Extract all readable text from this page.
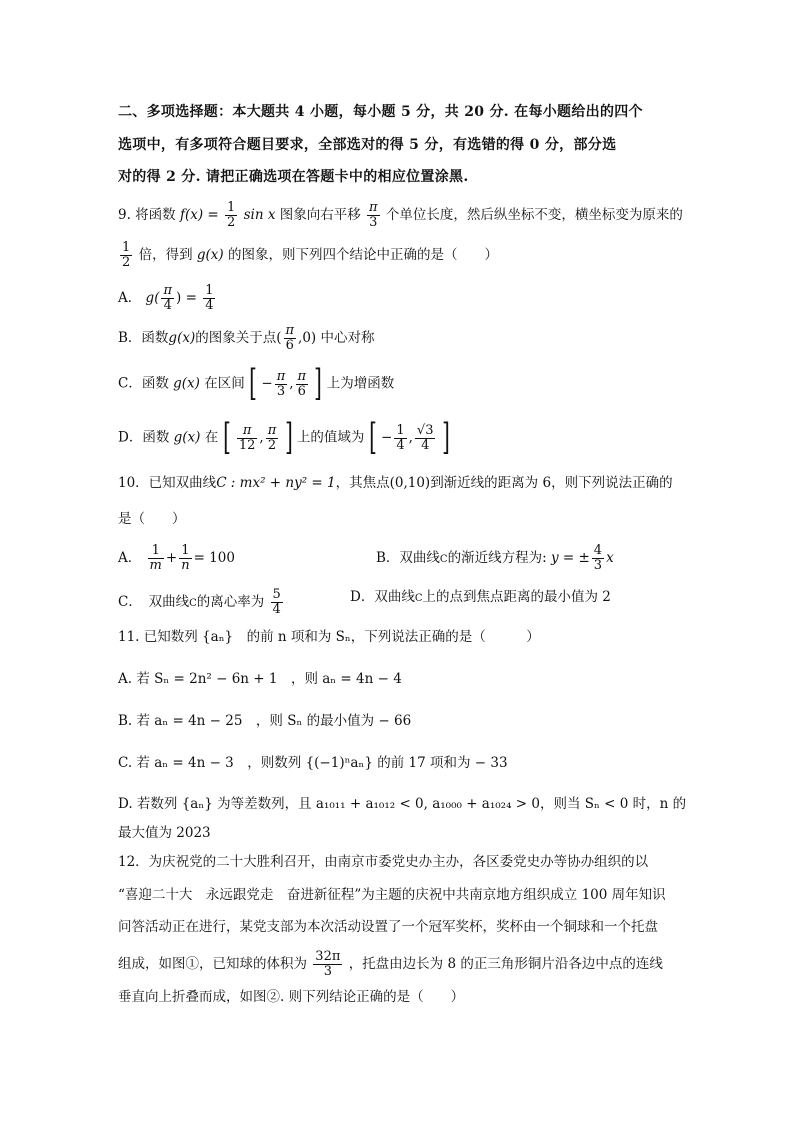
二、多项选择题：本大题共 4 小题，每小题 5 分，共 20 分. 在每小题给出的四个
选项中，有多项符合题目要求，全部选对的得 5 分，有选错的得 0 分，部分选
对的得 2 分. 请把正确选项在答题卡中的相应位置涂黑.
9. 将函数 $f(x) = \frac{1}{2}$ sin x 图象向右平移 $\frac{\pi}{3}$ 个单位长度，然后纵坐标不变，横坐标变为原来的
$\frac{1}{2}$ 倍，得到 g(x) 的图象，则下列四个结论中正确的是（　　）
A． $g( \frac{\pi}{4}$ ) = $\frac{1}{4}$
B．函数g(x)的图象关于点( $\frac{\pi}{6} ,0$) 中心对称
C．函数 g(x) 在区间 [ − $\frac{\pi}{3}$ , $\frac{\pi}{6}$ ] 上为增函数
D．函数 g(x) 在 [ $\frac{\pi}{12}$ , $\frac{\pi}{2}$ ] 上的值域为 [ − $\frac{1}{4}$ , $\frac{√3}{4}$ ]
10．已知双曲线C : mx² + ny² = 1，其焦点(0,10)到渐近线的距离为 6，则下列说法正确的
是（　　）
A． $\frac{1}{m} + \frac{1}{n} = 100$	B．双曲线C的渐近线方程为: y = ± $\frac{4}{3}$ x
C．　双曲线C的离心率为 $\frac{5}{4}$	D．双曲线C上的点到焦点距离的最小值为 2
11. 已知数列 {aₙ}　的前 n 项和为 Sₙ，下列说法正确的是（　　　）
A. 若 Sₙ = 2n² − 6n + 1　，则 aₙ = 4n − 4
B. 若 aₙ = 4n − 25　，则 Sₙ 的最小值为 − 66
C. 若 aₙ = 4n − 3　，则数列 {(−1)ⁿaₙ} 的前 17 项和为 − 33
D. 若数列 {aₙ} 为等差数列，且 a₁₀₁₁ + a₁₀₁₂ < 0, a₁₀₀₀ + a₁₀₂₄ > 0，则当 Sₙ < 0 时，n 的
最大值为 2023
12．为庆祝党的二十大胜利召开，由南京市委党史办主办，各区委党史办等协办组织的以
“喜迎二十大　永远跟党走　奋进新征程”为主题的庆祝中共南京地方组织成立 100 周年知识
问答活动正在进行，某党支部为本次活动设置了一个冠军奖杯，奖杯由一个铜球和一个托盘
组成，如图①，已知球的体积为 $\frac{32\pi}{3}$ ，托盘由边长为 8 的正三角形铜片沿各边中点的连线
垂直向上折叠而成，如图②. 则下列结论正确的是（　　）
